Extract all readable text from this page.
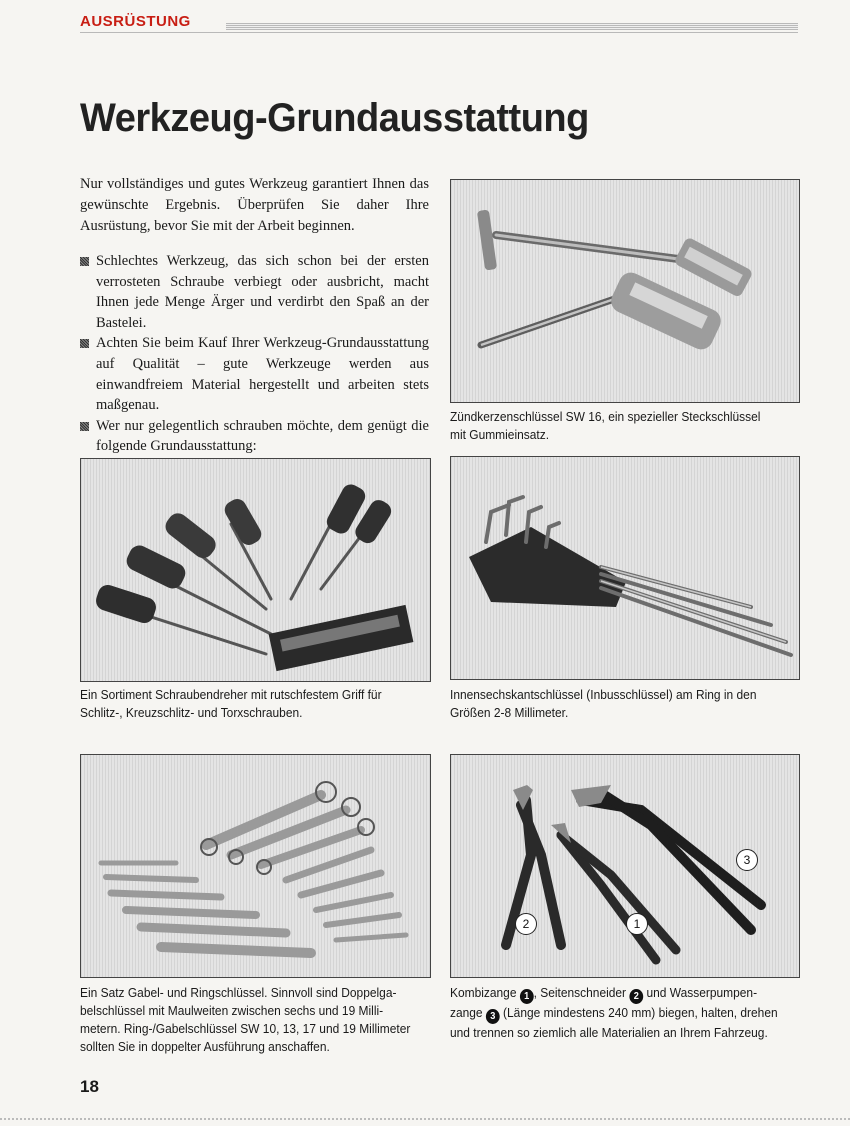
AUSRÜSTUNG
Werkzeug-Grundausstattung

Nur vollständiges und gutes Werkzeug garantiert Ihnen das gewünschte Ergebnis. Überprüfen Sie daher Ihre Ausrüstung, bevor Sie mit der Arbeit beginnen.

Schlechtes Werkzeug, das sich schon bei der ersten verrosteten Schraube verbiegt oder ausbricht, macht Ihnen jede Menge Ärger und verdirbt den Spaß an der Bastelei.
Achten Sie beim Kauf Ihrer Werkzeug-Grundausstattung auf Qualität – gute Werkzeuge werden aus einwandfreiem Material hergestellt und arbeiten stets maßgenau.
Wer nur gelegentlich schrauben möchte, dem genügt die folgende Grundausstattung:
Zündkerzenschlüssel SW 16, ein spezieller Steckschlüssel
mit Gummieinsatz.
Ein Sortiment Schraubendreher mit rutschfestem Griff für
Schlitz-, Kreuzschlitz- und Torxschrauben.
Innensechskantschlüssel (Inbusschlüssel) am Ring in den
Größen 2-8 Millimeter.
Ein Satz Gabel- und Ringschlüssel. Sinnvoll sind Doppelga-
belschlüssel mit Maulweiten zwischen sechs und 19 Milli-
metern. Ring-/Gabelschlüssel SW 10, 13, 17 und 19 Millimeter
sollten Sie in doppelter Ausführung anschaffen.
1
2
3
Kombizange 1 , Seitenschneider 2 und Wasserpumpen-
zange 3 (Länge mindestens 240 mm) biegen, halten, drehen
und trennen so ziemlich alle Materialien an Ihrem Fahrzeug.
18
